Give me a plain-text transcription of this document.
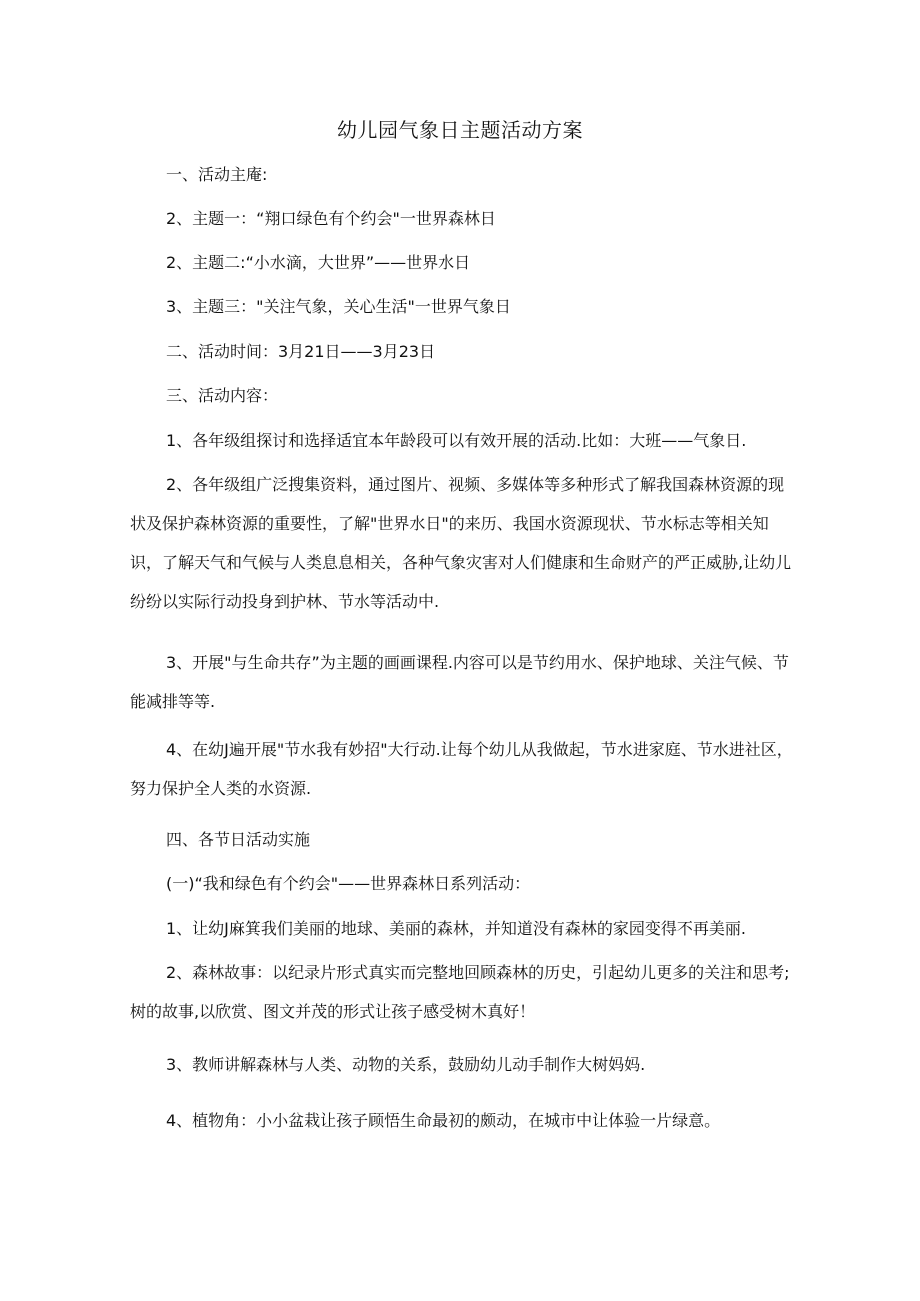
幼儿园气象日主题活动方案
一、活动主庵:
2、主题一：“翔口绿色有个约会"一世界森林日
2、主题二:“小水滴，大世界”——世界水日
3、主题三："关注气象，关心生活"一世界气象日
二、活动时间：3月21日——3月23日
三、活动内容：
1、各年级组探讨和选择适宜本年龄段可以有效开展的活动.比如：大班——气象日.
2、各年级组广泛搜集资料，通过图片、视频、多媒体等多种形式了解我国森林资源的现状及保护森林资源的重要性，了解"世界水日"的来历、我国水资源现状、节水标志等相关知识，了解天气和气候与人类息息相关，各种气象灾害对人们健康和生命财产的严正威胁,让幼儿纷纷以实际行动投身到护林、节水等活动中.
3、开展"与生命共存”为主题的画画课程.内容可以是节约用水、保护地球、关注气候、节能减排等等.
4、在幼J遍开展"节水我有妙招"大行动.让每个幼儿从我做起，节水进家庭、节水进社区，努力保护全人类的水资源.
四、各节日活动实施
(一)“我和绿色有个约会"——世界森林日系列活动：
1、让幼J麻箕我们美丽的地球、美丽的森林，并知道没有森林的家园变得不再美丽.
2、森林故事：以纪录片形式真实而完整地回顾森林的历史，引起幼儿更多的关注和思考;树的故事,以欣赏、图文并茂的形式让孩子感受树木真好！
3、教师讲解森林与人类、动物的关系，鼓励幼儿动手制作大树妈妈.
4、植物角：小小盆栽让孩子顾悟生命最初的颇动，在城市中让体验一片绿意。
